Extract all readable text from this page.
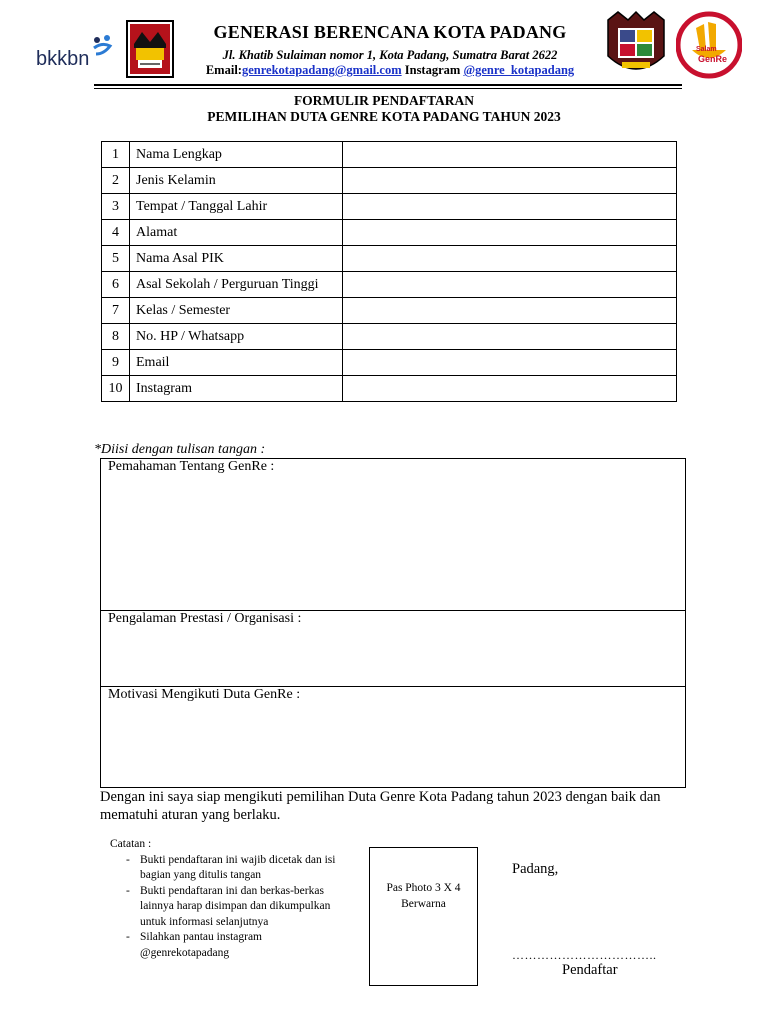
bkkbn	Salam
GenRe
GENERASI BERENCANA KOTA PADANG
Jl. Khatib Sulaiman nomor 1, Kota Padang, Sumatra Barat 2622
Email:genrekotapadang@gmail.com Instagram @genre_kotapadang
FORMULIR PENDAFTARAN
PEMILIHAN DUTA GENRE KOTA PADANG TAHUN 2023
1	Nama Lengkap	
2	Jenis Kelamin	
3	Tempat / Tanggal Lahir	
4	Alamat	
5	Nama Asal PIK	
6	Asal Sekolah / Perguruan Tinggi	
7	Kelas / Semester	
8	No. HP / Whatsapp	
9	Email	
10	Instagram	
*Diisi dengan tulisan tangan :
Pemahaman Tentang GenRe :
Pengalaman Prestasi / Organisasi :
Motivasi Mengikuti Duta GenRe :
Dengan ini saya siap mengikuti pemilihan Duta Genre Kota Padang tahun 2023 dengan baik dan mematuhi aturan yang berlaku.
Catatan :
- Bukti pendaftaran ini wajib dicetak dan isi bagian yang ditulis tangan
- Bukti pendaftaran ini dan berkas-berkas lainnya harap disimpan dan dikumpulkan untuk informasi selanjutnya
- Silahkan pantau instagram @genrekotapadang
Pas Photo 3 X 4
Berwarna
Padang,
……………………………..
Pendaftar
